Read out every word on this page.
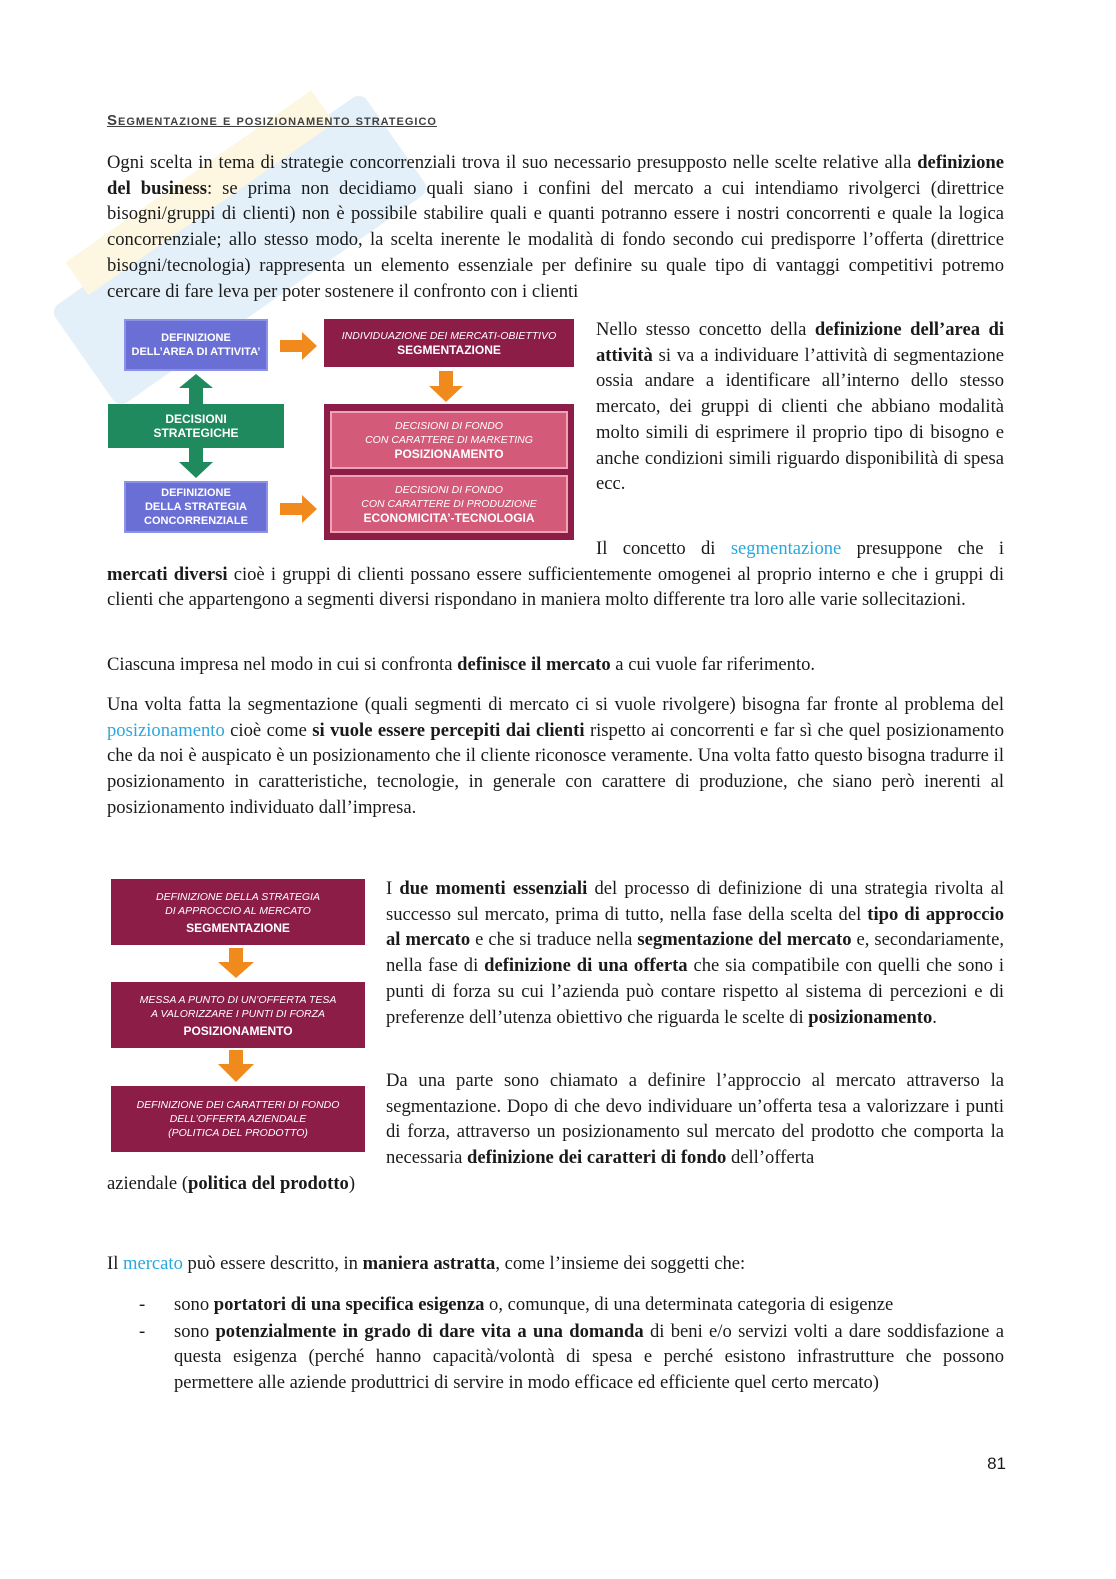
Segmentazione e posizionamento strategico

Ogni scelta in tema di strategie concorrenziali trova il suo necessario presupposto nelle scelte relative alla definizione del business: se prima non decidiamo quali siano i confini del mercato a cui intendiamo rivolgerci (direttrice bisogni/gruppi di clienti) non è possibile stabilire quali e quanti potranno essere i nostri concorrenti e quale la logica concorrenziale; allo stesso modo, la scelta inerente le modalità di fondo secondo cui predisporre l’offerta (direttrice bisogni/tecnologia) rappresenta un elemento essenziale per definire su quale tipo di vantaggi competitivi potremo cercare di fare leva per poter sostenere il confronto con i clienti

DEFINIZIONE
DELL’AREA DI ATTIVITA’
DECISIONI
STRATEGICHE
DEFINIZIONE
DELLA STRATEGIA
CONCORRENZIALE
INDIVIDUAZIONE DEI MERCATI-OBIETTIVO
SEGMENTAZIONE
DECISIONI DI FONDO
CON CARATTERE DI MARKETING
POSIZIONAMENTO
DECISIONI DI FONDO
CON CARATTERE DI PRODUZIONE
ECONOMICITA’-TECNOLOGIA

Nello stesso concetto della definizione dell’area di attività si va a individuare l’attività di segmentazione ossia andare a identificare all’interno dello stesso mercato, dei gruppi di clienti che abbiano modalità molto simili di esprimere il proprio tipo di bisogno e anche condizioni simili riguardo disponibilità di spesa ecc.

Il concetto di segmentazione presuppone che i mercati diversi cioè i gruppi di clienti possano essere sufficientemente omogenei al proprio interno e che i gruppi di clienti che appartengono a segmenti diversi rispondano in maniera molto differente tra loro alle varie sollecitazioni.

Ciascuna impresa nel modo in cui si confronta definisce il mercato a cui vuole far riferimento.

Una volta fatta la segmentazione (quali segmenti di mercato ci si vuole rivolgere) bisogna far fronte al problema del posizionamento cioè come si vuole essere percepiti dai clienti rispetto ai concorrenti e far sì che quel posizionamento che da noi è auspicato è un posizionamento che il cliente riconosce veramente. Una volta fatto questo bisogna tradurre il posizionamento in caratteristiche, tecnologie, in generale con carattere di produzione, che siano però inerenti al posizionamento individuato dall’impresa.

DEFINIZIONE DELLA STRATEGIA
DI APPROCCIO AL MERCATO
SEGMENTAZIONE
MESSA A PUNTO DI UN’OFFERTA TESA
A VALORIZZARE I PUNTI DI FORZA
POSIZIONAMENTO
DEFINIZIONE DEI CARATTERI DI FONDO
DELL’OFFERTA AZIENDALE
(POLITICA DEL PRODOTTO)

I due momenti essenziali del processo di definizione di una strategia rivolta al successo sul mercato, prima di tutto, nella fase della scelta del tipo di approccio al mercato e che si traduce nella segmentazione del mercato e, secondariamente, nella fase di definizione di una offerta che sia compatibile con quelli che sono i punti di forza su cui l’azienda può contare rispetto al sistema di percezioni e di preferenze dell’utenza obiettivo che riguarda le scelte di posizionamento.

Da una parte sono chiamato a definire l’approccio al mercato attraverso la segmentazione. Dopo di che devo individuare un’offerta tesa a valorizzare i punti di forza, attraverso un posizionamento sul mercato del prodotto che comporta la necessaria definizione dei caratteri di fondo dell’offerta

aziendale (politica del prodotto)

Il mercato può essere descritto, in maniera astratta, come l’insieme dei soggetti che:

- sono portatori di una specifica esigenza o, comunque, di una determinata categoria di esigenze
- sono potenzialmente in grado di dare vita a una domanda di beni e/o servizi volti a dare soddisfazione a questa esigenza (perché hanno capacità/volontà di spesa e perché esistono infrastrutture che possono permettere alle aziende produttrici di servire in modo efficace ed efficiente quel certo mercato)
81
